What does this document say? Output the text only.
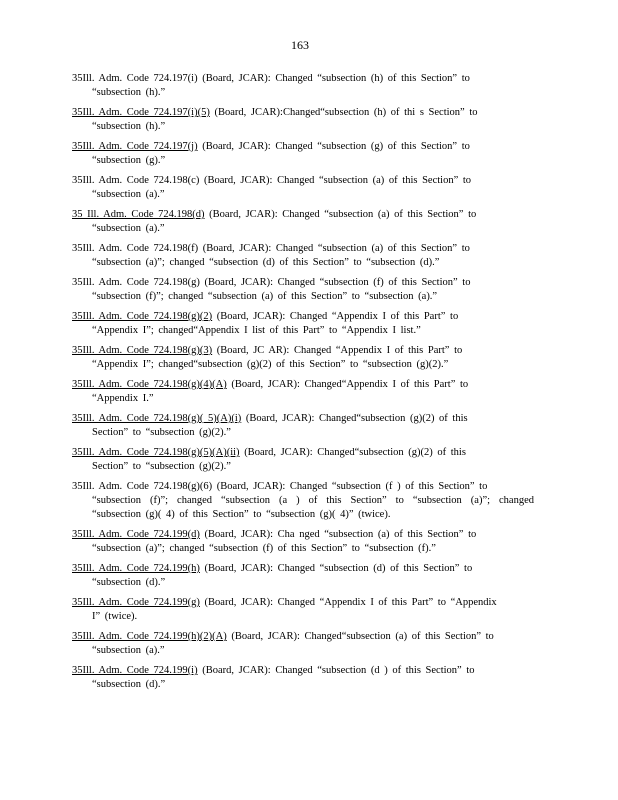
163
35Ill. Adm. Code 724.197(i) (Board, JCAR): Changed “subsection (h) of this Section” to
“subsection (h).”
35Ill. Adm. Code 724.197(i)(5) (Board, JCAR):Changed“subsection (h) of thi s Section” to
“subsection (h).”
35Ill. Adm. Code 724.197(j) (Board, JCAR): Changed “subsection (g) of this Section” to
“subsection (g).”
35Ill. Adm. Code 724.198(c) (Board, JCAR): Changed “subsection (a) of this Section” to
“subsection (a).”
35 Ill. Adm. Code 724.198(d) (Board, JCAR): Changed “subsection (a) of this Section” to
“subsection (a).”
35Ill. Adm. Code 724.198(f) (Board, JCAR): Changed “subsection (a) of this Section” to
“subsection (a)”; changed “subsection (d) of this Section” to “subsection (d).”
35Ill. Adm. Code 724.198(g) (Board, JCAR): Changed “subsection (f) of this Section” to
“subsection (f)”; changed “subsection (a) of this Section” to “subsection (a).”
35Ill. Adm. Code 724.198(g)(2) (Board, JCAR): Changed “Appendix I of this Part” to
“Appendix I”; changed“Appendix I list of this Part” to “Appendix I list.”
35Ill. Adm. Code 724.198(g)(3) (Board, JC AR): Changed “Appendix I of this Part” to
“Appendix I”; changed“subsection (g)(2) of this Section” to “subsection (g)(2).”
35Ill. Adm. Code 724.198(g)(4)(A) (Board, JCAR): Changed“Appendix I of this Part” to
“Appendix I.”
35Ill. Adm. Code 724.198(g)( 5)(A)(i) (Board, JCAR): Changed“subsection (g)(2) of this
Section” to “subsection (g)(2).”
35Ill. Adm. Code 724.198(g)(5)(A)(ii) (Board, JCAR): Changed“subsection (g)(2) of this
Section” to “subsection (g)(2).”
35Ill. Adm. Code 724.198(g)(6) (Board, JCAR): Changed “subsection (f ) of this Section” to
“subsection (f)”; changed “subsection (a ) of this Section” to “subsection (a)”; changed “subsection (g)( 4) of this Section” to “subsection (g)( 4)” (twice).
35Ill. Adm. Code 724.199(d) (Board, JCAR): Cha nged “subsection (a) of this Section” to
“subsection (a)”; changed “subsection (f) of this Section” to “subsection (f).”
35Ill. Adm. Code 724.199(h) (Board, JCAR): Changed “subsection (d) of this Section” to
“subsection (d).”
35Ill. Adm. Code 724.199(g) (Board, JCAR): Changed “Appendix I of this Part” to “Appendix
I” (twice).
35Ill. Adm. Code 724.199(h)(2)(A) (Board, JCAR): Changed“subsection (a) of this Section” to
“subsection (a).”
35Ill. Adm. Code 724.199(i) (Board, JCAR): Changed “subsection (d ) of this Section” to
“subsection (d).”
